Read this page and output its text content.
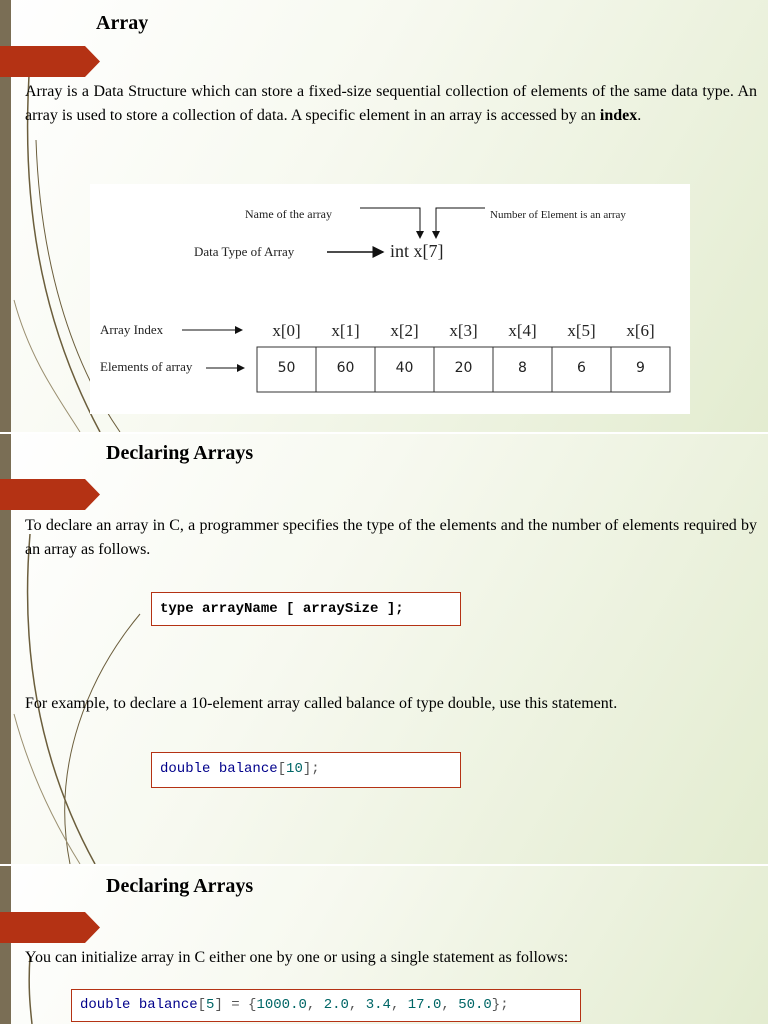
Array
Array is a Data Structure which can store a fixed-size sequential collection of elements of the same data type. An array is used to store a collection of data. A specific element in an array is accessed by an index.
Name of the array	Number of Element is an array
Data Type of Array	int x[7]
Array Index	x[0] x[1] x[2] x[3] x[4] x[5] x[6]
Elements of array	50	60	40	20	8	6	9
Declaring Arrays
To declare an array in C, a programmer specifies the type of the elements and the number of elements required by an array as follows.
type arrayName [ arraySize ];
For example, to declare a 10-element array called balance of type double, use this statement.
double balance[10];
Declaring Arrays
You can initialize array in C either one by one or using a single statement as follows:
double balance[5] = {1000.0, 2.0, 3.4, 17.0, 50.0};
